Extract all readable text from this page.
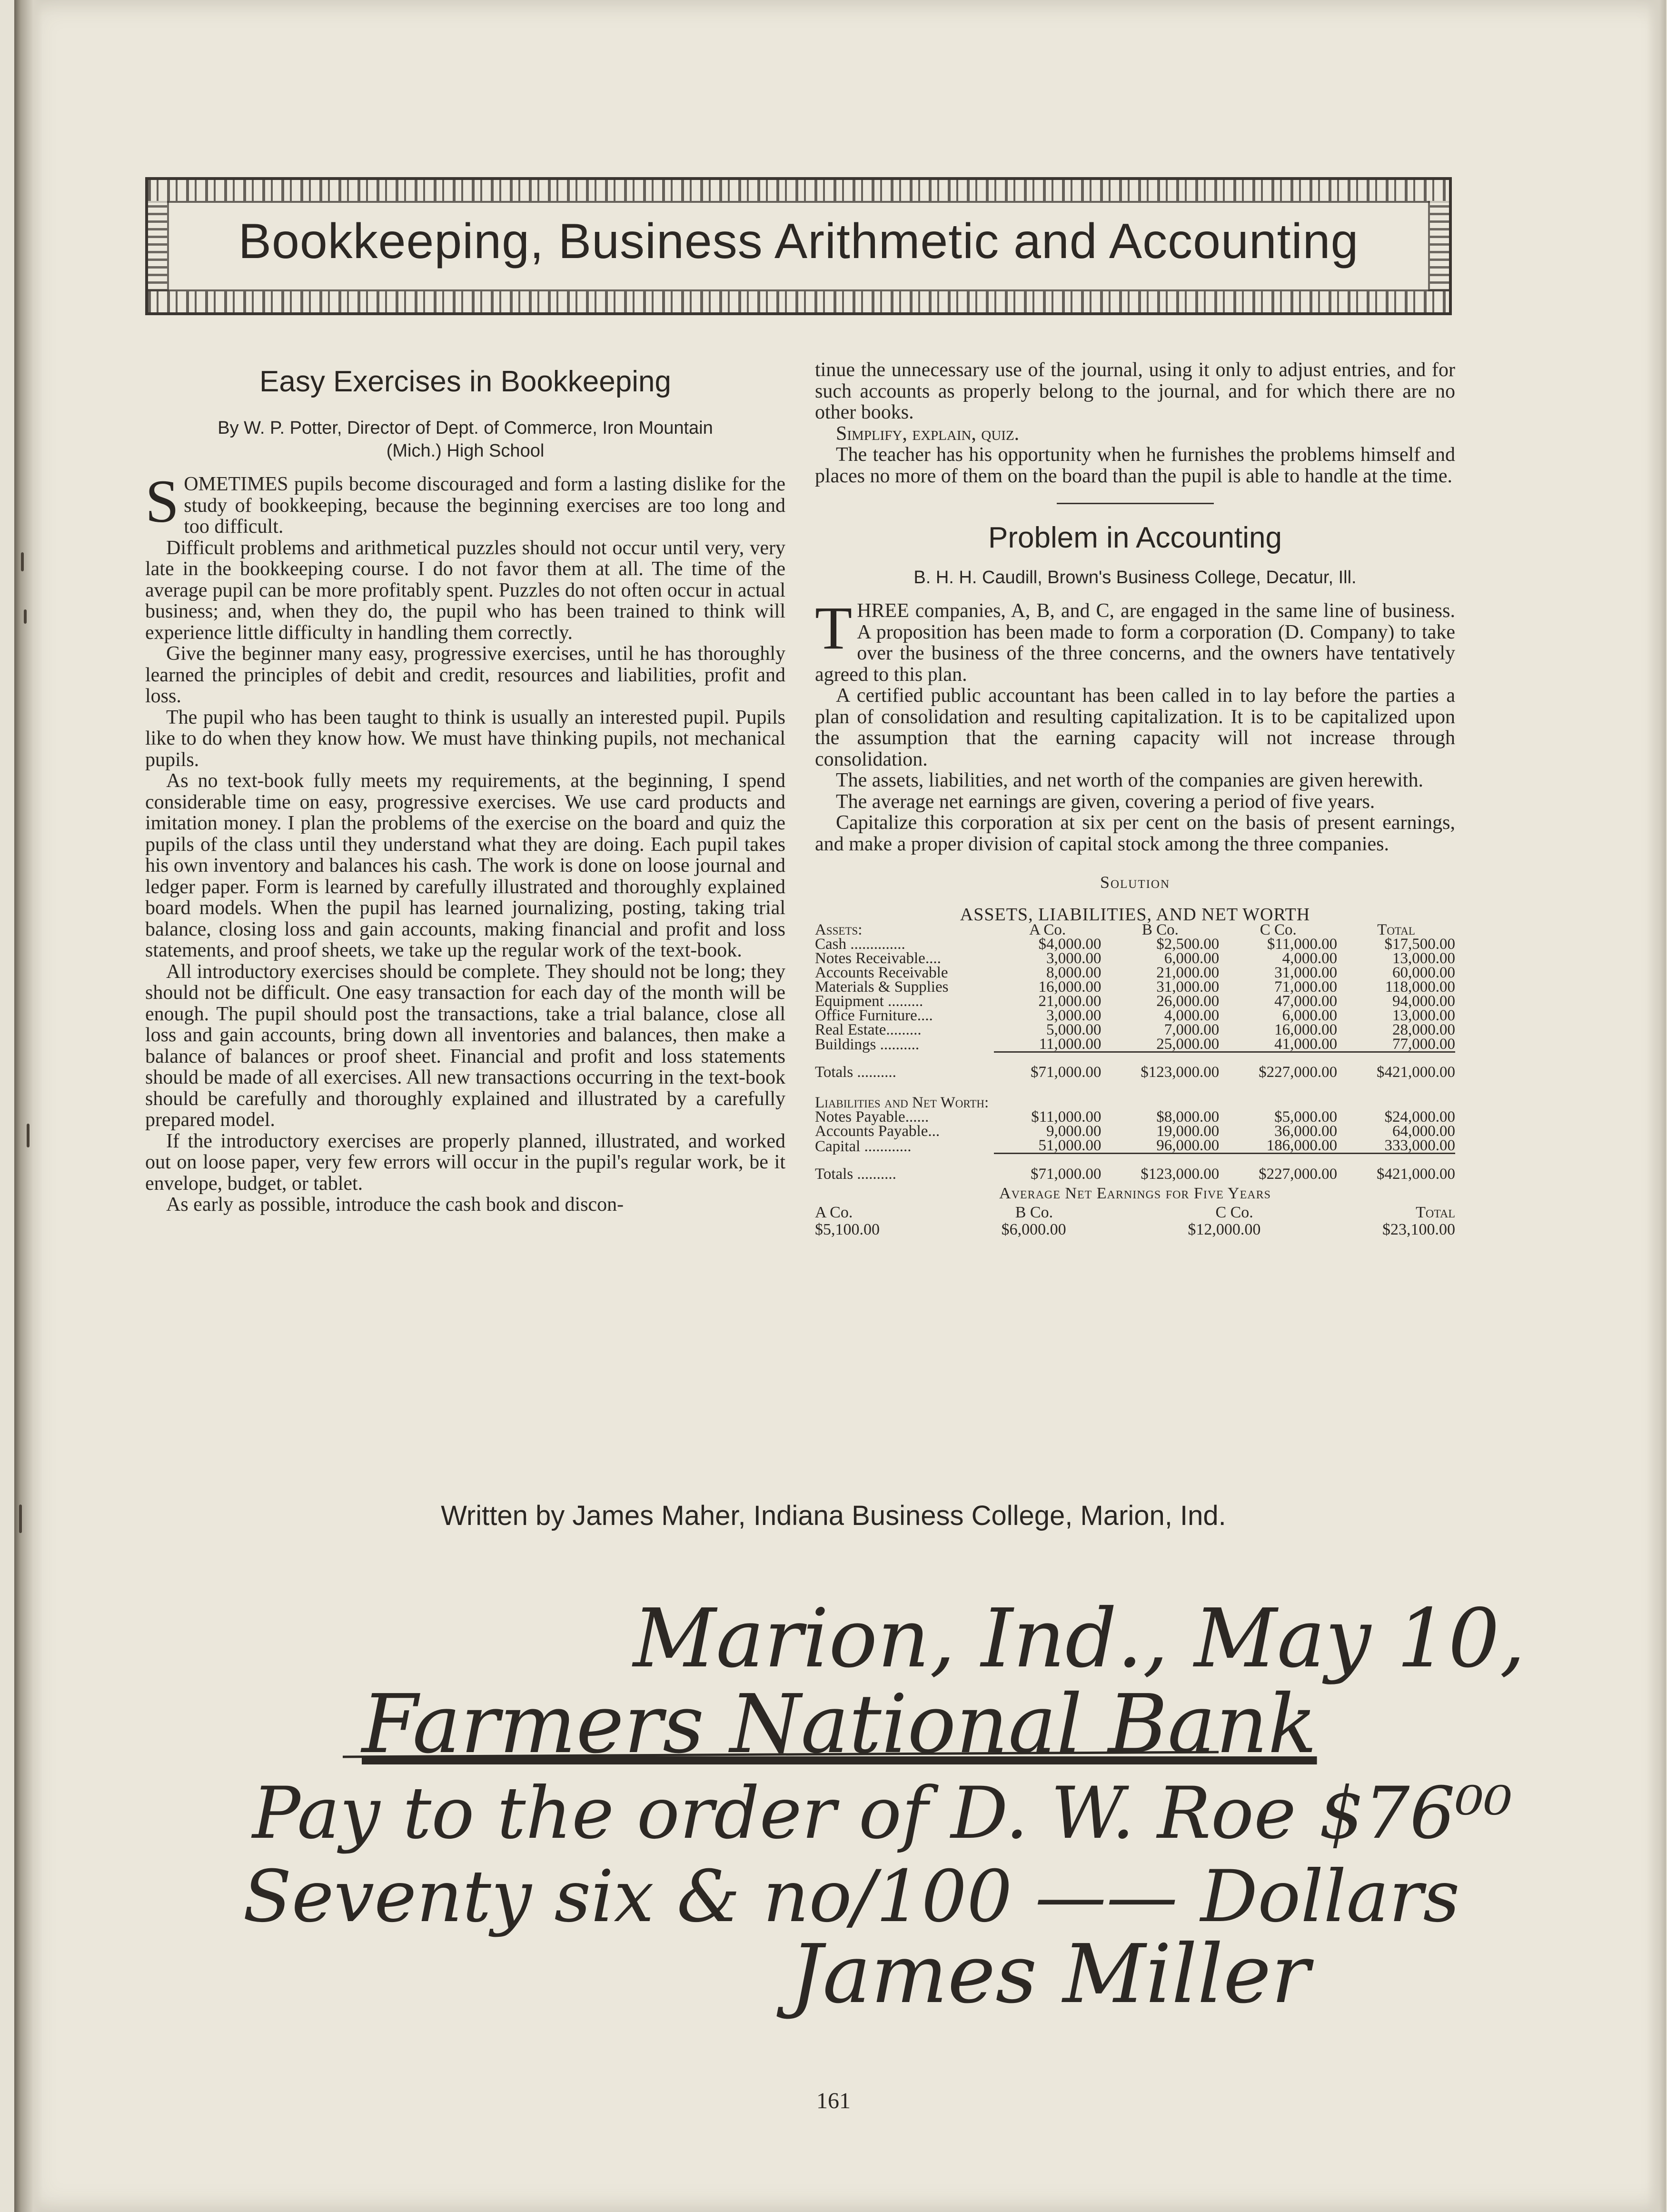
Bookkeeping, Business Arithmetic and Accounting
Easy Exercises in Bookkeeping
By W. P. Potter, Director of Dept. of Commerce, Iron Mountain
(Mich.) High School

SOMETIMES pupils become discouraged and form a lasting dislike for the study of bookkeeping, because the beginning exercises are too long and too difficult.

Difficult problems and arithmetical puzzles should not occur until very, very late in the bookkeeping course. I do not favor them at all. The time of the average pupil can be more profitably spent. Puzzles do not often occur in actual business; and, when they do, the pupil who has been trained to think will experience little difficulty in handling them correctly.

Give the beginner many easy, progressive exercises, until he has thoroughly learned the principles of debit and credit, resources and liabilities, profit and loss.

The pupil who has been taught to think is usually an interested pupil. Pupils like to do when they know how. We must have thinking pupils, not mechanical pupils.

As no text-book fully meets my requirements, at the beginning, I spend considerable time on easy, progressive exercises. We use card products and imitation money. I plan the problems of the exercise on the board and quiz the pupils of the class until they understand what they are doing. Each pupil takes his own inventory and balances his cash. The work is done on loose journal and ledger paper. Form is learned by carefully illustrated and thoroughly explained board models. When the pupil has learned journalizing, posting, taking trial balance, closing loss and gain accounts, making financial and profit and loss statements, and proof sheets, we take up the regular work of the text-book.

All introductory exercises should be complete. They should not be long; they should not be difficult. One easy transaction for each day of the month will be enough. The pupil should post the transactions, take a trial balance, close all loss and gain accounts, bring down all inventories and balances, then make a balance of balances or proof sheet. Financial and profit and loss statements should be made of all exercises. All new transactions occurring in the text-book should be carefully and thoroughly explained and illustrated by a carefully prepared model.

If the introductory exercises are properly planned, illustrated, and worked out on loose paper, very few errors will occur in the pupil's regular work, be it envelope, budget, or tablet.

As early as possible, introduce the cash book and discon-

tinue the unnecessary use of the journal, using it only to adjust entries, and for such accounts as properly belong to the journal, and for which there are no other books.

Simplify, explain, quiz.

The teacher has his opportunity when he furnishes the problems himself and places no more of them on the board than the pupil is able to handle at the time.

Problem in Accounting
B. H. H. Caudill, Brown's Business College, Decatur, Ill.

THREE companies, A, B, and C, are engaged in the same line of business. A proposition has been made to form a corporation (D. Company) to take over the business of the three concerns, and the owners have tentatively agreed to this plan.

A certified public accountant has been called in to lay before the parties a plan of consolidation and resulting capitalization. It is to be capitalized upon the assumption that the earning capacity will not increase through consolidation.

The assets, liabilities, and net worth of the companies are given herewith.

The average net earnings are given, covering a period of five years.

Capitalize this corporation at six per cent on the basis of present earnings, and make a proper division of capital stock among the three companies.

Solution
ASSETS, LIABILITIES, AND NET WORTH				
Assets:	A Co.	B Co.	C Co.	Total
Cash ..............	$4,000.00	$2,500.00	$11,000.00	$17,500.00
Notes Receivable....	3,000.00	6,000.00	4,000.00	13,000.00
Accounts Receivable	8,000.00	21,000.00	31,000.00	60,000.00
Materials & Supplies	16,000.00	31,000.00	71,000.00	118,000.00
Equipment .........	21,000.00	26,000.00	47,000.00	94,000.00
Office Furniture....	3,000.00	4,000.00	6,000.00	13,000.00
Real Estate.........	5,000.00	7,000.00	16,000.00	28,000.00
Buildings ..........	11,000.00	25,000.00	41,000.00	77,000.00
Totals ..........	$71,000.00	$123,000.00	$227,000.00	$421,000.00

Liabilities and Net Worth:				
Notes Payable......	$11,000.00	$8,000.00	$5,000.00	$24,000.00
Accounts Payable...	9,000.00	19,000.00	36,000.00	64,000.00
Capital ............	51,000.00	96,000.00	186,000.00	333,000.00
Totals ..........	$71,000.00	$123,000.00	$227,000.00	$421,000.00
Average Net Earnings for Five Years
A Co.	B Co.	C Co.	Total
$5,100.00	$6,000.00	$12,000.00	$23,100.00
Written by James Maher, Indiana Business College, Marion, Ind.
Marion, Ind., May 10,
Farmers National Bank
Pay to the order of D. W. Roe $76⁰⁰
Seventy six & no/100 —— Dollars
James Miller
161
